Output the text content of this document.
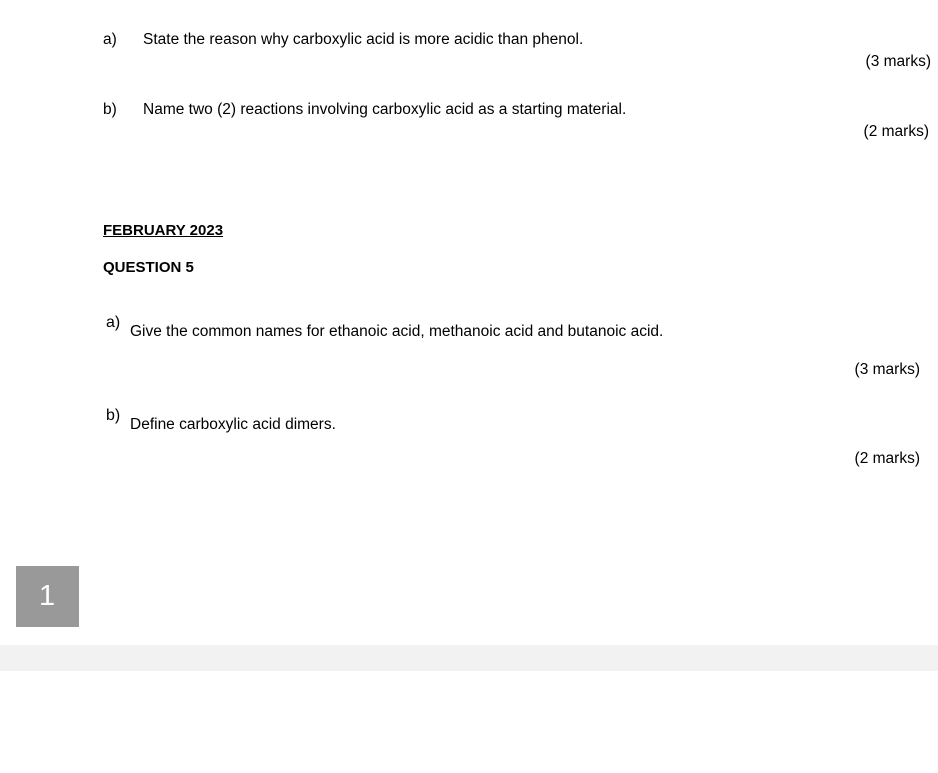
a) State the reason why carboxylic acid is more acidic than phenol.
(3 marks)
b) Name two (2) reactions involving carboxylic acid as a starting material.
(2 marks)
FEBRUARY 2023
QUESTION 5
a)
Give the common names for ethanoic acid, methanoic acid and butanoic acid.
(3 marks)
b)
Define carboxylic acid dimers.
(2 marks)
1
